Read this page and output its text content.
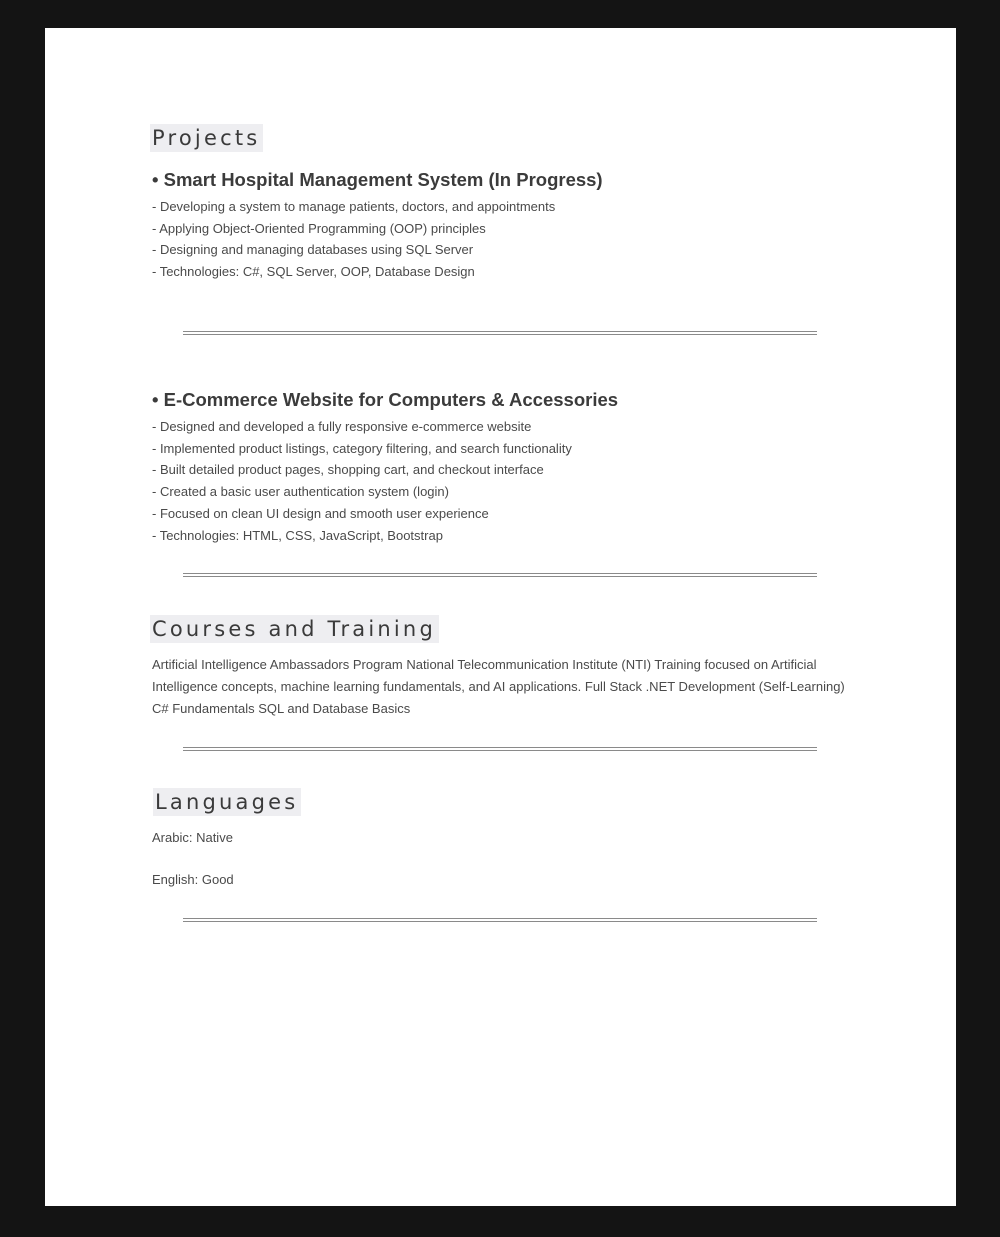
Projects
• Smart Hospital Management System (In Progress)
- Developing a system to manage patients, doctors, and appointments
- Applying Object-Oriented Programming (OOP) principles
- Designing and managing databases using SQL Server
- Technologies: C#, SQL Server, OOP, Database Design
• E-Commerce Website for Computers & Accessories
- Designed and developed a fully responsive e-commerce website
- Implemented product listings, category filtering, and search functionality
- Built detailed product pages, shopping cart, and checkout interface
- Created a basic user authentication system (login)
- Focused on clean UI design and smooth user experience
- Technologies: HTML, CSS, JavaScript, Bootstrap
Courses and Training
Artificial Intelligence Ambassadors Program National Telecommunication Institute (NTI) Training focused on Artificial Intelligence concepts, machine learning fundamentals, and AI applications. Full Stack .NET Development (Self-Learning) C# Fundamentals SQL and Database Basics
Languages
Arabic: Native
English: Good
